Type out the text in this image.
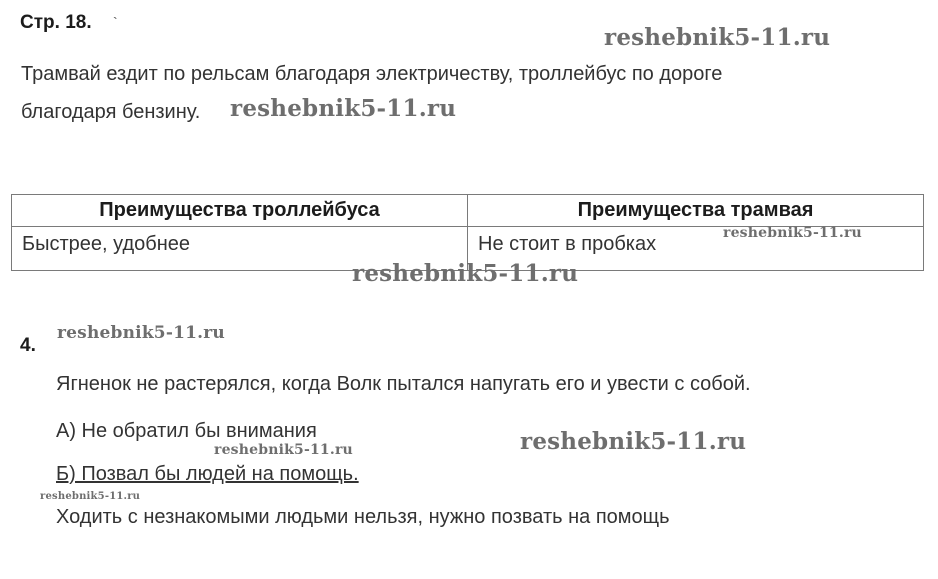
Стр. 18. `
Трамвай ездит по рельсам благодаря электричеству, троллейбус по дороге
благодаря бензину.
Преимущества троллейбуса	Преимущества трамвая
Быстрее, удобнее	Не стоит в пробках
4.
Ягненок не растерялся, когда Волк пытался напугать его и увести с собой.
А) Не обратил бы внимания
Б) Позвал бы людей на помощь.
Ходить с незнакомыми людьми нельзя, нужно позвать на помощь
reshebnik5-11.ru
reshebnik5-11.ru
reshebnik5-11.ru
reshebnik5-11.ru
reshebnik5-11.ru
reshebnik5-11.ru	reshebnik5-11.ru
reshebnik5-11.ru
